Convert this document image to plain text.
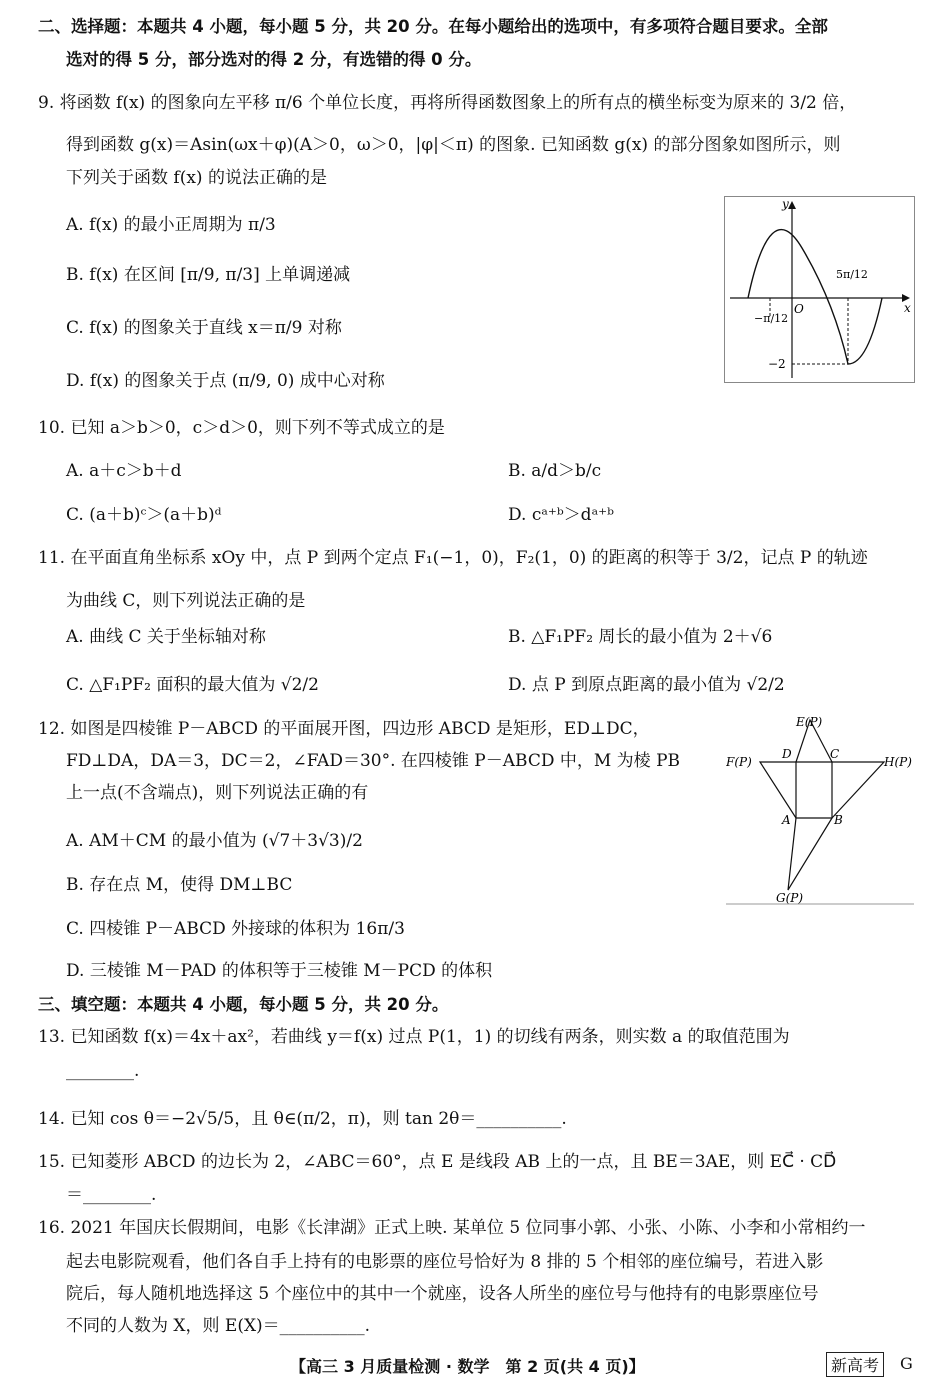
二、选择题：本题共 4 小题，每小题 5 分，共 20 分。在每小题给出的选项中，有多项符合题目要求。全部
选对的得 5 分，部分选对的得 2 分，有选错的得 0 分。
9. 将函数 f(x) 的图象向左平移 π/6 个单位长度，再将所得函数图象上的所有点的横坐标变为原来的 3/2 倍，
得到函数 g(x)＝Asin(ωx＋φ)(A＞0，ω＞0，|φ|＜π) 的图象. 已知函数 g(x) 的部分图象如图所示，则
下列关于函数 f(x) 的说法正确的是
A. f(x) 的最小正周期为 π/3
B. f(x) 在区间 [π/9, π/3] 上单调递减
C. f(x) 的图象关于直线 x＝π/9 对称
D. f(x) 的图象关于点 (π/9, 0) 成中心对称
y
x
O
−π/12
5π/12
−2
10. 已知 a＞b＞0，c＞d＞0，则下列不等式成立的是
A. a＋c＞b＋d	B. a/d＞b/c
C. (a＋b)ᶜ＞(a＋b)ᵈ	D. cᵃ⁺ᵇ＞dᵃ⁺ᵇ
11. 在平面直角坐标系 xOy 中，点 P 到两个定点 F₁(−1，0)，F₂(1，0) 的距离的积等于 3/2，记点 P 的轨迹
为曲线 C，则下列说法正确的是
A. 曲线 C 关于坐标轴对称	B. △F₁PF₂ 周长的最小值为 2＋√6
C. △F₁PF₂ 面积的最大值为 √2/2	D. 点 P 到原点距离的最小值为 √2/2
12. 如图是四棱锥 P－ABCD 的平面展开图，四边形 ABCD 是矩形，ED⊥DC，
FD⊥DA，DA＝3，DC＝2，∠FAD＝30°. 在四棱锥 P－ABCD 中，M 为棱 PB
上一点(不含端点)，则下列说法正确的有
A. AM＋CM 的最小值为 (√7＋3√3)/2
B. 存在点 M，使得 DM⊥BC
C. 四棱锥 P－ABCD 外接球的体积为 16π/3
D. 三棱锥 M－PAD 的体积等于三棱锥 M－PCD 的体积
E(P)
F(P)	H(P)
G(P)
A	B
C
D
三、填空题：本题共 4 小题，每小题 5 分，共 20 分。
13. 已知函数 f(x)＝4x＋ax²，若曲线 y＝f(x) 过点 P(1，1) 的切线有两条，则实数 a 的取值范围为
________.
14. 已知 cos θ＝−2√5/5，且 θ∈(π/2，π)，则 tan 2θ＝__________.
15. 已知菱形 ABCD 的边长为 2，∠ABC＝60°，点 E 是线段 AB 上的一点，且 BE＝3AE，则 EC⃗ · CD⃗
＝________.
16. 2021 年国庆长假期间，电影《长津湖》正式上映. 某单位 5 位同事小郭、小张、小陈、小李和小常相约一
起去电影院观看，他们各自手上持有的电影票的座位号恰好为 8 排的 5 个相邻的座位编号，若进入影
院后，每人随机地选择这 5 个座位中的其中一个就座，设各人所坐的座位号与他持有的电影票座位号
不同的人数为 X，则 E(X)＝__________.
【高三 3 月质量检测 · 数学　第 2 页(共 4 页)】	新高考	G
